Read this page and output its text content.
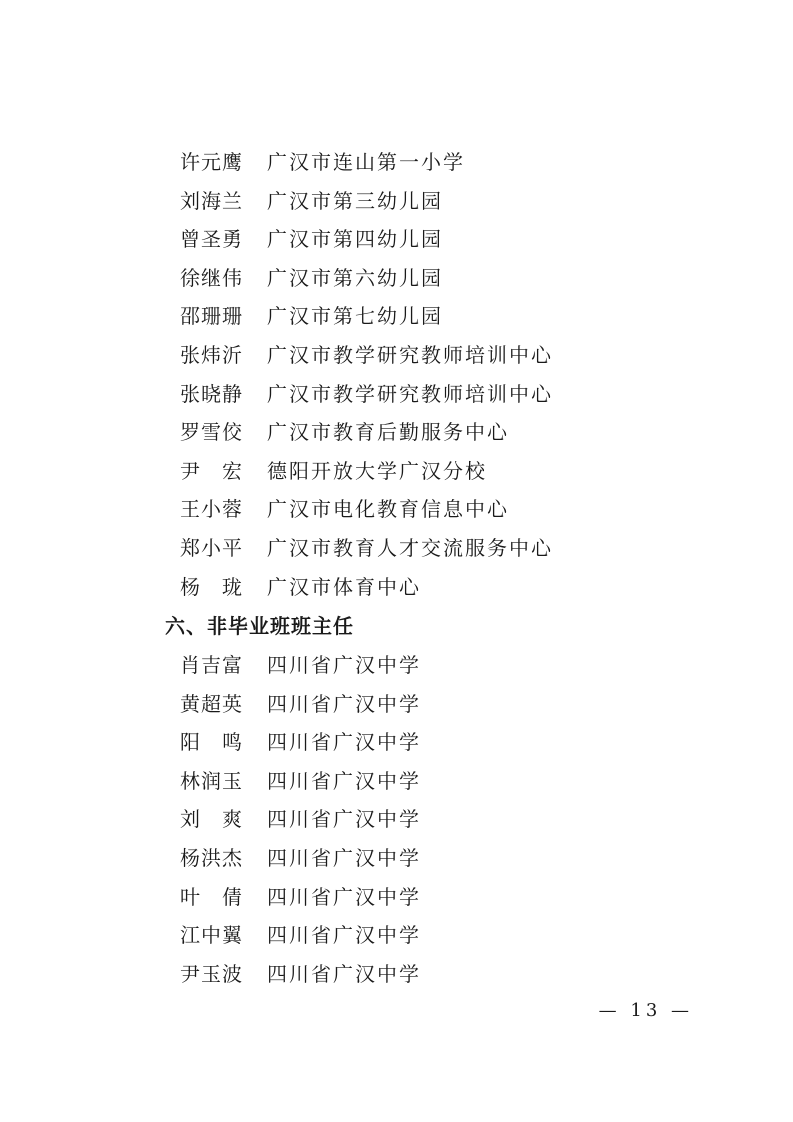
许元鹰 广汉市连山第一小学
刘海兰 广汉市第三幼儿园
曾圣勇 广汉市第四幼儿园
徐继伟 广汉市第六幼儿园
邵珊珊 广汉市第七幼儿园
张炜沂 广汉市教学研究教师培训中心
张晓静 广汉市教学研究教师培训中心
罗雪佼 广汉市教育后勤服务中心
尹　宏 德阳开放大学广汉分校
王小蓉 广汉市电化教育信息中心
郑小平 广汉市教育人才交流服务中心
杨　珑 广汉市体育中心
六、非毕业班班主任
肖吉富 四川省广汉中学
黄超英 四川省广汉中学
阳　鸣 四川省广汉中学
林润玉 四川省广汉中学
刘　爽 四川省广汉中学
杨洪杰 四川省广汉中学
叶　倩 四川省广汉中学
江中翼 四川省广汉中学
尹玉波 四川省广汉中学
— 13 —
